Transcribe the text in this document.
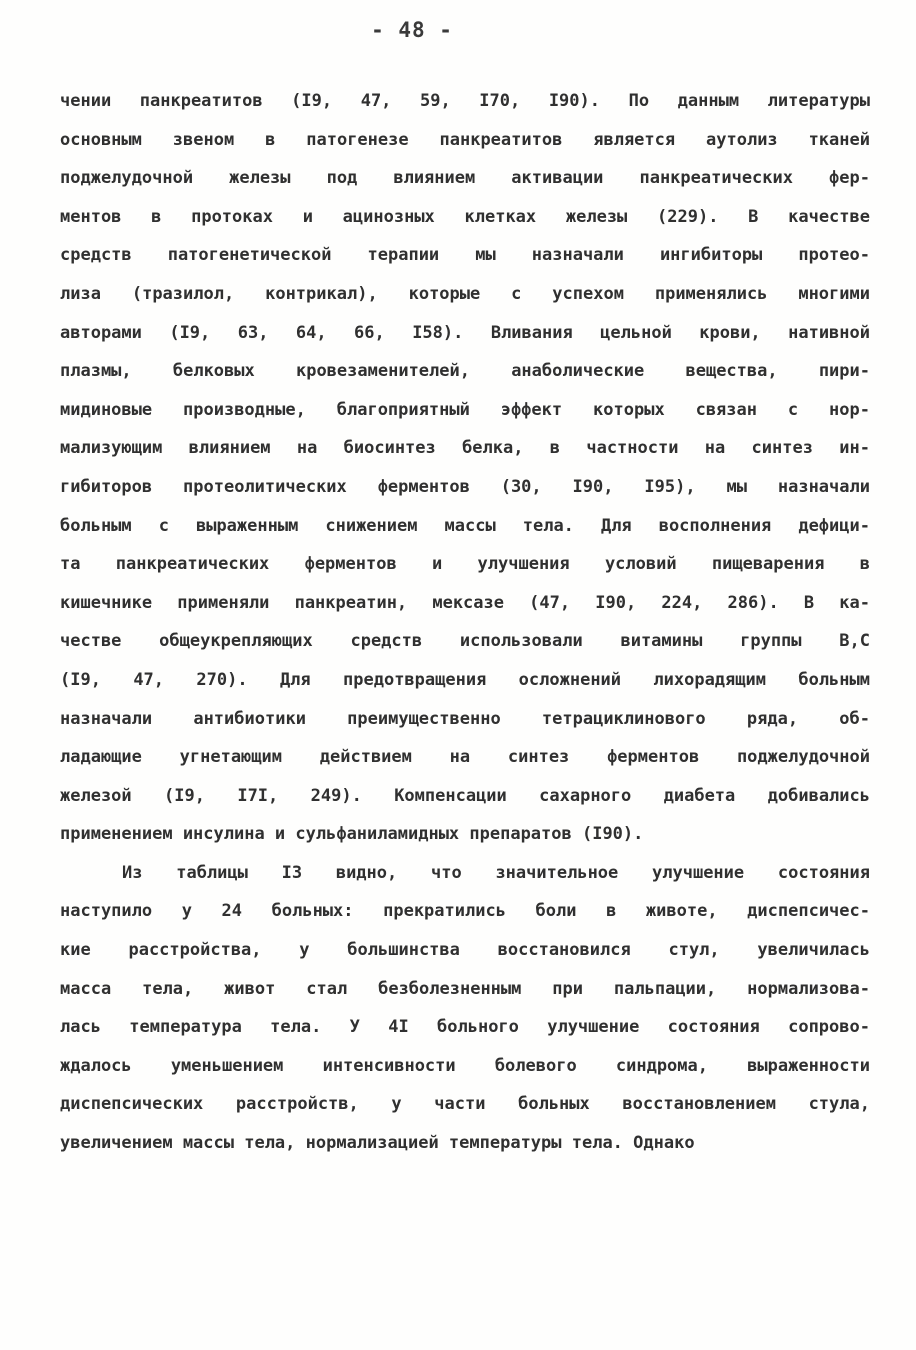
- 48 -
чении панкреатитов (I9, 47, 59, I70, I90). По данным литературы
основным звеном в патогенезе панкреатитов является аутолиз тканей
поджелудочной железы под влиянием активации панкреатических фер-
ментов в протоках и ацинозных клетках железы (229). В качестве
средств патогенетической терапии мы назначали ингибиторы протео-
лиза (тразилол, контрикал), которые с успехом применялись многими
авторами (I9, 63, 64, 66, I58). Вливания цельной крови, нативной
плазмы, белковых кровезаменителей, анаболические вещества, пири-
мидиновые производные, благоприятный эффект которых связан с нор-
мализующим влиянием на биосинтез белка, в частности на синтез ин-
гибиторов протеолитических ферментов (30, I90, I95), мы назначали
больным с выраженным снижением массы тела. Для восполнения дефици-
та панкреатических ферментов и улучшения условий пищеварения в
кишечнике применяли панкреатин, мексазе (47, I90, 224, 286). В ка-
честве общеукрепляющих средств использовали витамины группы В,С
(I9, 47, 270). Для предотвращения осложнений лихорадящим больным
назначали антибиотики преимущественно тетрациклинового ряда, об-
ладающие угнетающим действием на синтез ферментов поджелудочной
железой (I9, I7I, 249). Компенсации сахарного диабета добивались
применением инсулина и сульфаниламидных препаратов (I90).
Из таблицы I3 видно, что значительное улучшение состояния
наступило у 24 больных: прекратились боли в животе, диспепсичес-
кие расстройства, у большинства восстановился стул, увеличилась
масса тела, живот стал безболезненным при пальпации, нормализова-
лась температура тела. У 4I больного улучшение состояния сопрово-
ждалось уменьшением интенсивности болевого синдрома, выраженности
диспепсических расстройств, у части больных восстановлением стула,
увеличением массы тела, нормализацией температуры тела. Однако
